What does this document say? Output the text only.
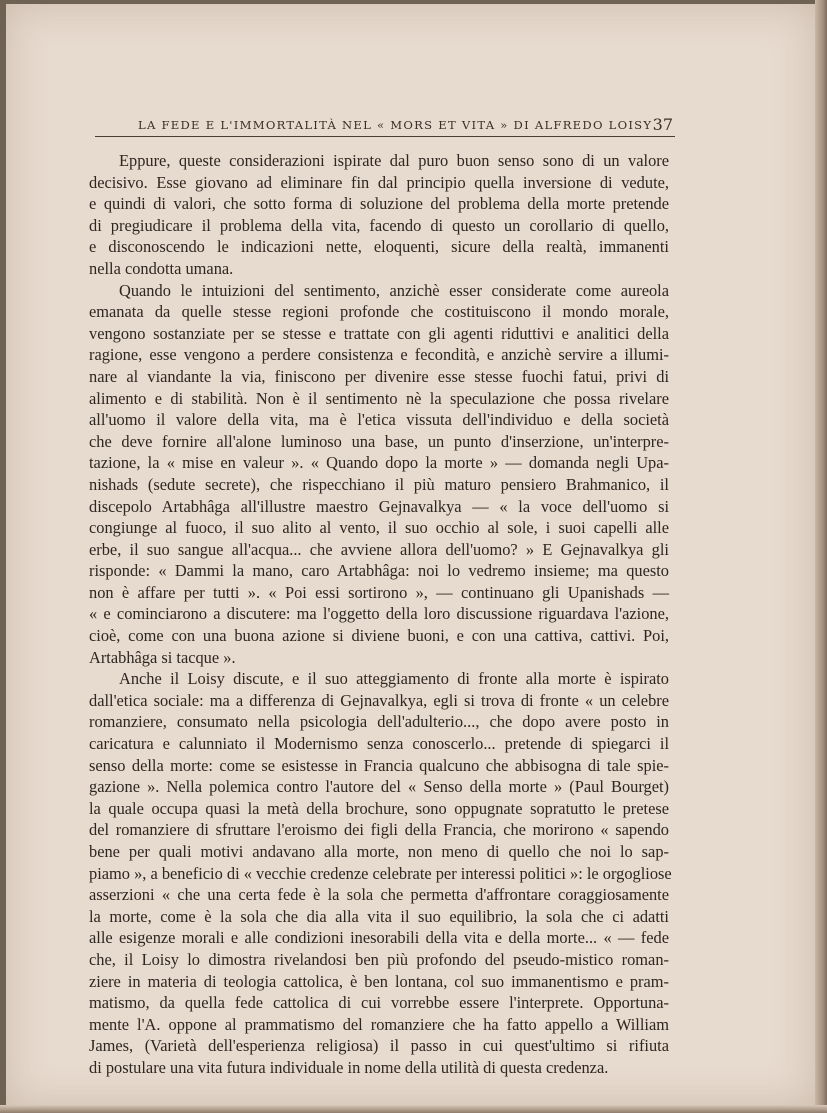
LA FEDE E L'IMMORTALITÀ NEL « MORS ET VITA » DI ALFREDO LOISY 37

Eppure, queste considerazioni ispirate dal puro buon senso sono di un valore
decisivo. Esse giovano ad eliminare fin dal principio quella inversione di vedute,
e quindi di valori, che sotto forma di soluzione del problema della morte pretende
di pregiudicare il problema della vita, facendo di questo un corollario di quello,
e disconoscendo le indicazioni nette, eloquenti, sicure della realtà, immanenti
nella condotta umana.

Quando le intuizioni del sentimento, anzichè esser considerate come aureola
emanata da quelle stesse regioni profonde che costituiscono il mondo morale,
vengono sostanziate per se stesse e trattate con gli agenti riduttivi e analitici della
ragione, esse vengono a perdere consistenza e fecondità, e anzichè servire a illumi-
nare al viandante la via, finiscono per divenire esse stesse fuochi fatui, privi di
alimento e di stabilità. Non è il sentimento nè la speculazione che possa rivelare
all'uomo il valore della vita, ma è l'etica vissuta dell'individuo e della società
che deve fornire all'alone luminoso una base, un punto d'inserzione, un'interpre-
tazione, la « mise en valeur ». « Quando dopo la morte » — domanda negli Upa-
nishads (sedute secrete), che rispecchiano il più maturo pensiero Brahmanico, il
discepolo Artabhâga all'illustre maestro Gejnavalkya — « la voce dell'uomo si
congiunge al fuoco, il suo alito al vento, il suo occhio al sole, i suoi capelli alle
erbe, il suo sangue all'acqua... che avviene allora dell'uomo? » E Gejnavalkya gli
risponde: « Dammi la mano, caro Artabhâga: noi lo vedremo insieme; ma questo
non è affare per tutti ». « Poi essi sortirono », — continuano gli Upanishads —
« e cominciarono a discutere: ma l'oggetto della loro discussione riguardava l'azione,
cioè, come con una buona azione si diviene buoni, e con una cattiva, cattivi. Poi,
Artabhâga si tacque ».

Anche il Loisy discute, e il suo atteggiamento di fronte alla morte è ispirato
dall'etica sociale: ma a differenza di Gejnavalkya, egli si trova di fronte « un celebre
romanziere, consumato nella psicologia dell'adulterio..., che dopo avere posto in
caricatura e calunniato il Modernismo senza conoscerlo... pretende di spiegarci il
senso della morte: come se esistesse in Francia qualcuno che abbisogna di tale spie-
gazione ». Nella polemica contro l'autore del « Senso della morte » (Paul Bourget)
la quale occupa quasi la metà della brochure, sono oppugnate sopratutto le pretese
del romanziere di sfruttare l'eroismo dei figli della Francia, che morirono « sapendo
bene per quali motivi andavano alla morte, non meno di quello che noi lo sap-
piamo », a beneficio di « vecchie credenze celebrate per interessi politici »: le orgogliose
asserzioni « che una certa fede è la sola che permetta d'affrontare coraggiosamente
la morte, come è la sola che dia alla vita il suo equilibrio, la sola che ci adatti
alle esigenze morali e alle condizioni inesorabili della vita e della morte... « — fede
che, il Loisy lo dimostra rivelandosi ben più profondo del pseudo-mistico roman-
ziere in materia di teologia cattolica, è ben lontana, col suo immanentismo e pram-
matismo, da quella fede cattolica di cui vorrebbe essere l'interprete. Opportuna-
mente l'A. oppone al prammatismo del romanziere che ha fatto appello a William
James, (Varietà dell'esperienza religiosa) il passo in cui quest'ultimo si rifiuta
di postulare una vita futura individuale in nome della utilità di questa credenza.
